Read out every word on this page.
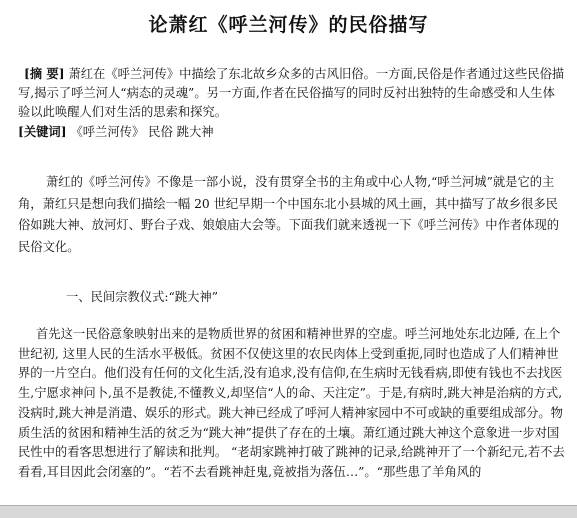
论萧红《呼兰河传》的民俗描写

[摘 要] 萧红在《呼兰河传》中描绘了东北故乡众多的古风旧俗。一方面,民俗是作者通过这些民俗描写,揭示了呼兰河人“病态的灵魂”。另一方面,作者在民俗描写的同时反衬出独特的生命感受和人生体验以此唤醒人们对生活的思索和探究。

[关键词] 《呼兰河传》 民俗 跳大神

萧红的《呼兰河传》不像是一部小说，没有贯穿全书的主角或中心人物,“呼兰河城”就是它的主角，萧红只是想向我们描绘一幅 20 世纪早期一个中国东北小县城的风土画，其中描写了故乡很多民俗如跳大神、放河灯、野台子戏、娘娘庙大会等。下面我们就来透视一下《呼兰河传》中作者体现的民俗文化。

一、民间宗教仪式:“跳大神”

首先这一民俗意象映射出来的是物质世界的贫困和精神世界的空虚。呼兰河地处东北边陲, 在上个世纪初, 这里人民的生活水平极低。贫困不仅使这里的农民肉体上受到重扼,同时也造成了人们精神世界的一片空白。他们没有任何的文化生活,没有追求,没有信仰,在生病时无钱看病,即使有钱也不去找医生,宁愿求神问卜,虽不是教徒,不懂教义,却坚信“人的命、天注定”。于是,有病时,跳大神是治病的方式,没病时,跳大神是消遣、娱乐的形式。跳大神已经成了呼河人精神家园中不可或缺的重要组成部分。物质生活的贫困和精神生活的贫乏为“跳大神”提供了存在的土壤。萧红通过跳大神这个意象进一步对国民性中的看客思想进行了解读和批判。 “老胡家跳神打破了跳神的记录,给跳神开了一个新纪元,若不去看看,耳目因此会闭塞的”。“若不去看跳神赶鬼,竟被指为落伍…”。“那些患了羊角风的
